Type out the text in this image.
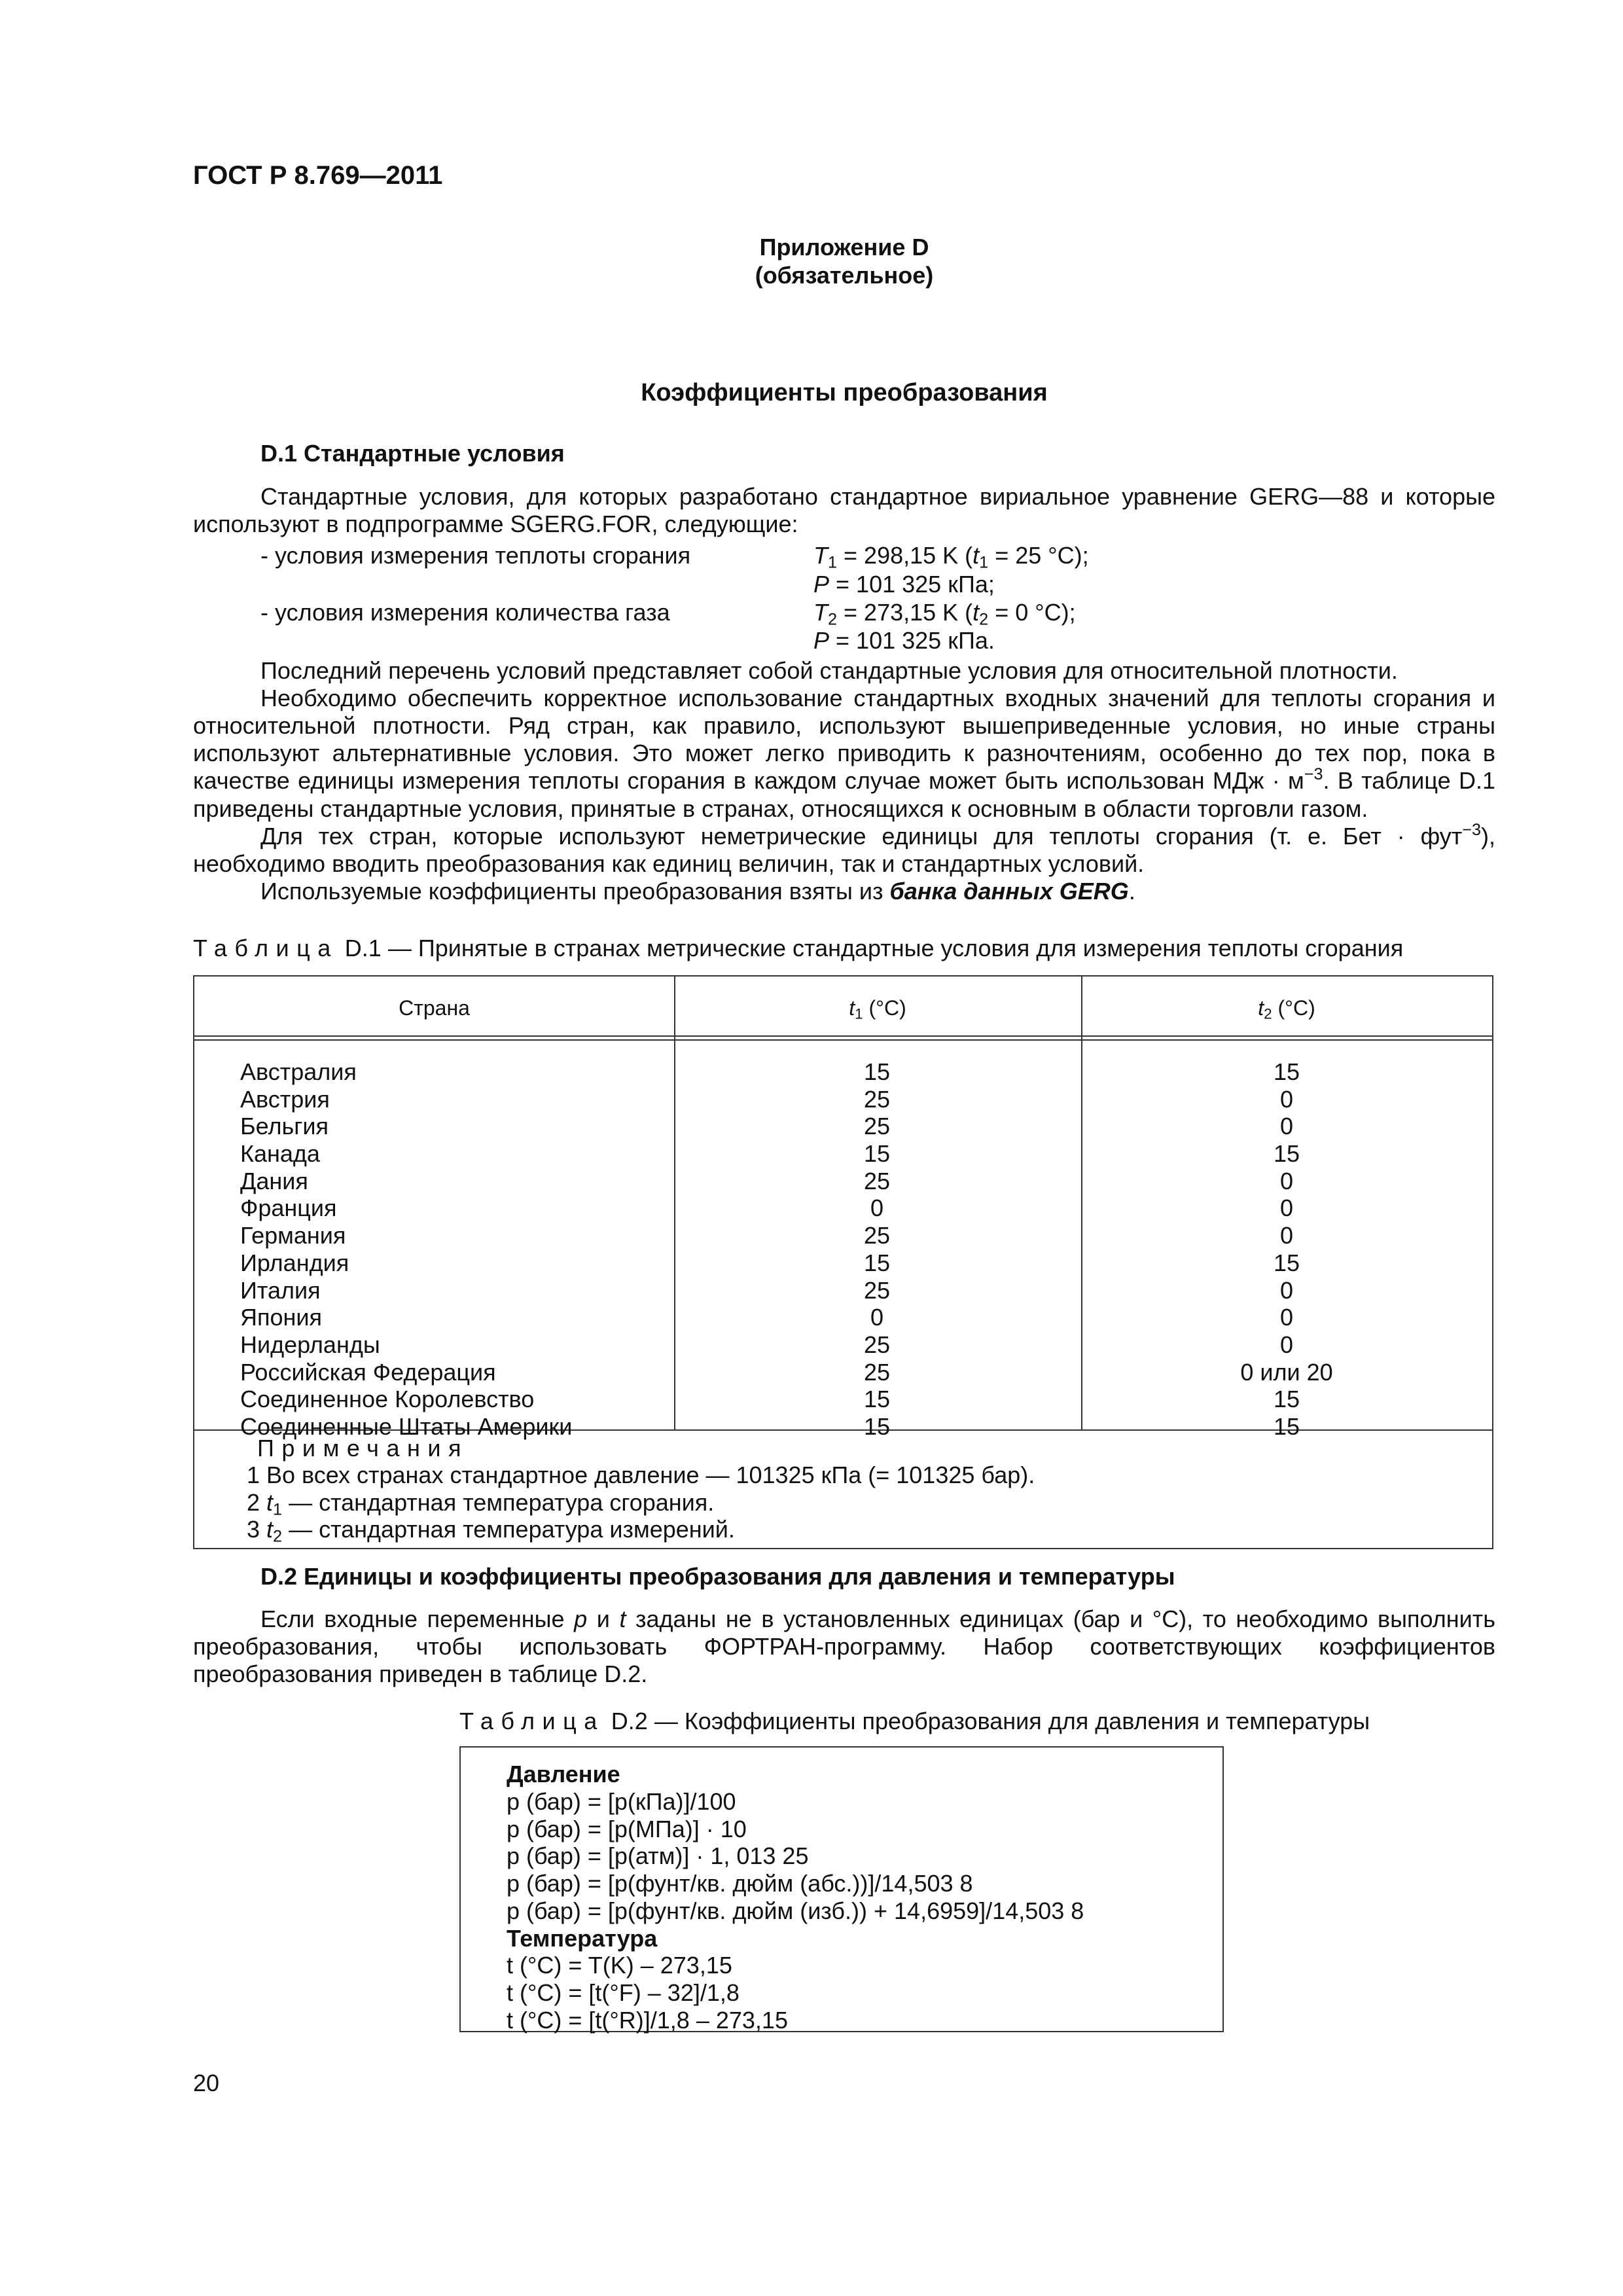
ГОСТ Р 8.769—2011
Приложение D
(обязательное)
Коэффициенты преобразования
D.1 Стандартные условия

Стандартные условия, для которых разработано стандартное вириальное уравнение GERG—88 и которые используют в подпрограмме SGERG.FOR, следующие:

- условия измерения теплоты сгорания	$T_1 = 298,15$ K ($t_1 = 25$ °C);
P = 101 325 кПа;
- условия измерения количества газа	$T_2 = 273,15$ K ($t_2 = 0$ °C);
P = 101 325 кПа.

Последний перечень условий представляет собой стандартные условия для относительной плотности.

Необходимо обеспечить корректное использование стандартных входных значений для теплоты сгорания и относительной плотности. Ряд стран, как правило, используют вышеприведенные условия, но иные страны используют альтернативные условия. Это может легко приводить к разночтениям, особенно до тех пор, пока в качестве единицы измерения теплоты сгорания в каждом случае может быть использован МДж · $м^{-3}$. В таблице D.1 приведены стандартные условия, принятые в странах, относящихся к основным в области торговли газом.

Для тех стран, которые используют неметрические единицы для теплоты сгорания (т. е. Бет · фут$^{-3}$), необходимо вводить преобразования как единиц величин, так и стандартных условий.

Используемые коэффициенты преобразования взяты из банка данных GERG.

Таблица D.1 — Принятые в странах метрические стандартные условия для измерения теплоты сгорания
Страна	$t_1$ (°C)	$t_2$ (°C)
Австралия	15	15
Австрия	25	0
Бельгия	25	0
Канада	15	15
Дания	25	0
Франция	0	0
Германия	25	0
Ирландия	15	15
Италия	25	0
Япония	0	0
Нидерланды	25	0
Российская Федерация	25	0 или 20
Соединенное Королевство	15	15
Соединенные Штаты Америки	15	15
Примечания
1 Во всех странах стандартное давление — 101325 кПа (= 101325 бар).
2 $t_1$ — стандартная температура сгорания.
3 $t_2$ — стандартная температура измерений.
D.2 Единицы и коэффициенты преобразования для давления и температуры

Если входные переменные p и t заданы не в установленных единицах (бар и °C), то необходимо выполнить преобразования, чтобы использовать ФОРТРАН-программу. Набор соответствующих коэффициентов преобразования приведен в таблице D.2.

Таблица D.2 — Коэффициенты преобразования для давления и температуры
Давление
p (бар) = [p(кПа)]/100
p (бар) = [p(МПа)] · 10
p (бар) = [p(атм)] · 1, 013 25
p (бар) = [p(фунт/кв. дюйм (абс.))]/14,503 8
p (бар) = [p(фунт/кв. дюйм (изб.)) + 14,6959]/14,503 8
Температура
t (°C) = T(K) – 273,15
t (°C) = [t(°F) – 32]/1,8
t (°C) = [t(°R)]/1,8 – 273,15
20
